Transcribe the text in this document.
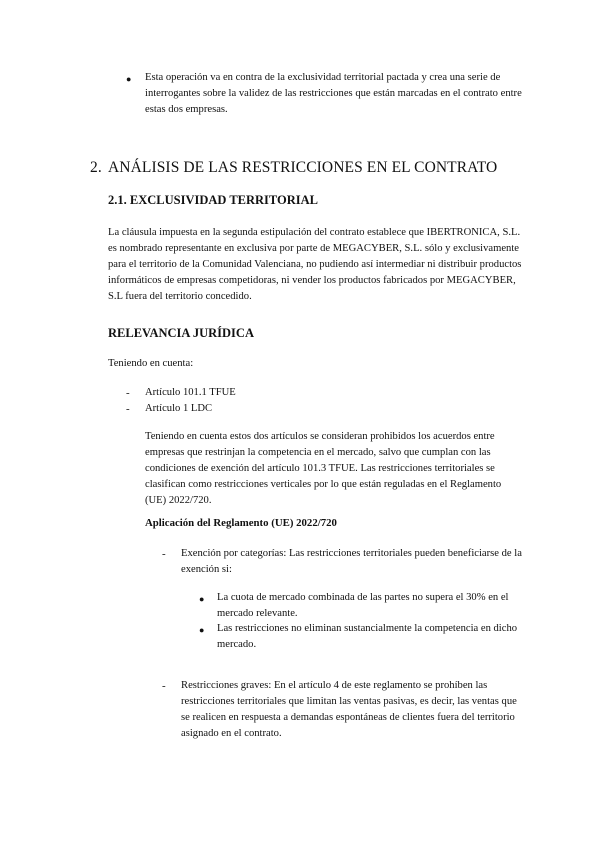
● Esta operación va en contra de la exclusividad territorial pactada y crea una serie de interrogantes sobre la validez de las restricciones que están marcadas en el contrato entre estas dos empresas.

2. ANÁLISIS DE LAS RESTRICCIONES EN EL CONTRATO

2.1. EXCLUSIVIDAD TERRITORIAL

La cláusula impuesta en la segunda estipulación del contrato establece que IBERTRONICA, S.L. es nombrado representante en exclusiva por parte de MEGACYBER, S.L. sólo y exclusivamente para el territorio de la Comunidad Valenciana, no pudiendo así intermediar ni distribuir productos informáticos de empresas competidoras, ni vender los productos fabricados por MEGACYBER, S.L fuera del territorio concedido.

RELEVANCIA JURÍDICA

Teniendo en cuenta:

- Artículo 101.1 TFUE

- Artículo 1 LDC

Teniendo en cuenta estos dos artículos se consideran prohibidos los acuerdos entre empresas que restrinjan la competencia en el mercado, salvo que cumplan con las condiciones de exención del artículo 101.3 TFUE. Las restricciones territoriales se clasifican como restricciones verticales por lo que están reguladas en el Reglamento (UE) 2022/720.

Aplicación del Reglamento (UE) 2022/720

- Exención por categorías: Las restricciones territoriales pueden beneficiarse de la exención si:

● La cuota de mercado combinada de las partes no supera el 30% en el mercado relevante.

● Las restricciones no eliminan sustancialmente la competencia en dicho mercado.

- Restricciones graves: En el artículo 4 de este reglamento se prohíben las restricciones territoriales que limitan las ventas pasivas, es decir, las ventas que se realicen en respuesta a demandas espontáneas de clientes fuera del territorio asignado en el contrato.
